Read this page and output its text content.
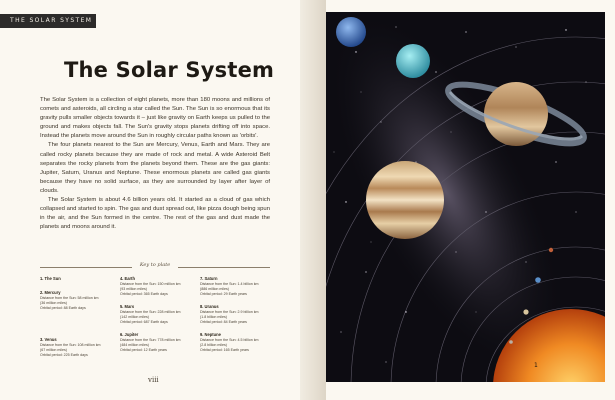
THE SOLAR SYSTEM
The Solar System

The Solar System is a collection of eight planets, more than 180 moons and millions of comets and asteroids, all circling a star called the Sun. The Sun is so enormous that its gravity pulls smaller objects towards it – just like gravity on Earth keeps us pulled to the ground and makes objects fall. The Sun's gravity stops planets drifting off into space. Instead the planets move around the Sun in roughly circular paths known as 'orbits'.

The four planets nearest to the Sun are Mercury, Venus, Earth and Mars. They are called rocky planets because they are made of rock and metal. A wide Asteroid Belt separates the rocky planets from the planets beyond them. These are the gas giants: Jupiter, Saturn, Uranus and Neptune. These enormous planets are called gas giants because they have no solid surface, as they are surrounded by layer after layer of clouds.

The Solar System is about 4.6 billion years old. It started as a cloud of gas which collapsed and started to spin. The gas and dust spread out, like pizza dough being spun in the air, and the Sun formed in the centre. The rest of the gas and dust made the planets and moons around it.

Key to plate
1. The Sun
2. Mercury
Distance from the Sun: 58 million km
(36 million miles)
Orbital period: 88 Earth days
3. Venus
Distance from the Sun: 108 million km
(67 million miles)
Orbital period: 225 Earth days
4. Earth
Distance from the Sun: 150 million km
(93 million miles)
Orbital period: 365 Earth days
5. Mars
Distance from the Sun: 228 million km
(142 million miles)
Orbital period: 687 Earth days
6. Jupiter
Distance from the Sun: 778 million km
(484 million miles)
Orbital period: 12 Earth years
7. Saturn
Distance from the Sun: 1.4 billion km
(886 million miles)
Orbital period: 29 Earth years
8. Uranus
Distance from the Sun: 2.9 billion km
(1.8 billion miles)
Orbital period: 84 Earth years
9. Neptune
Distance from the Sun: 4.5 billion km
(2.8 billion miles)
Orbital period: 165 Earth years
viii
1
